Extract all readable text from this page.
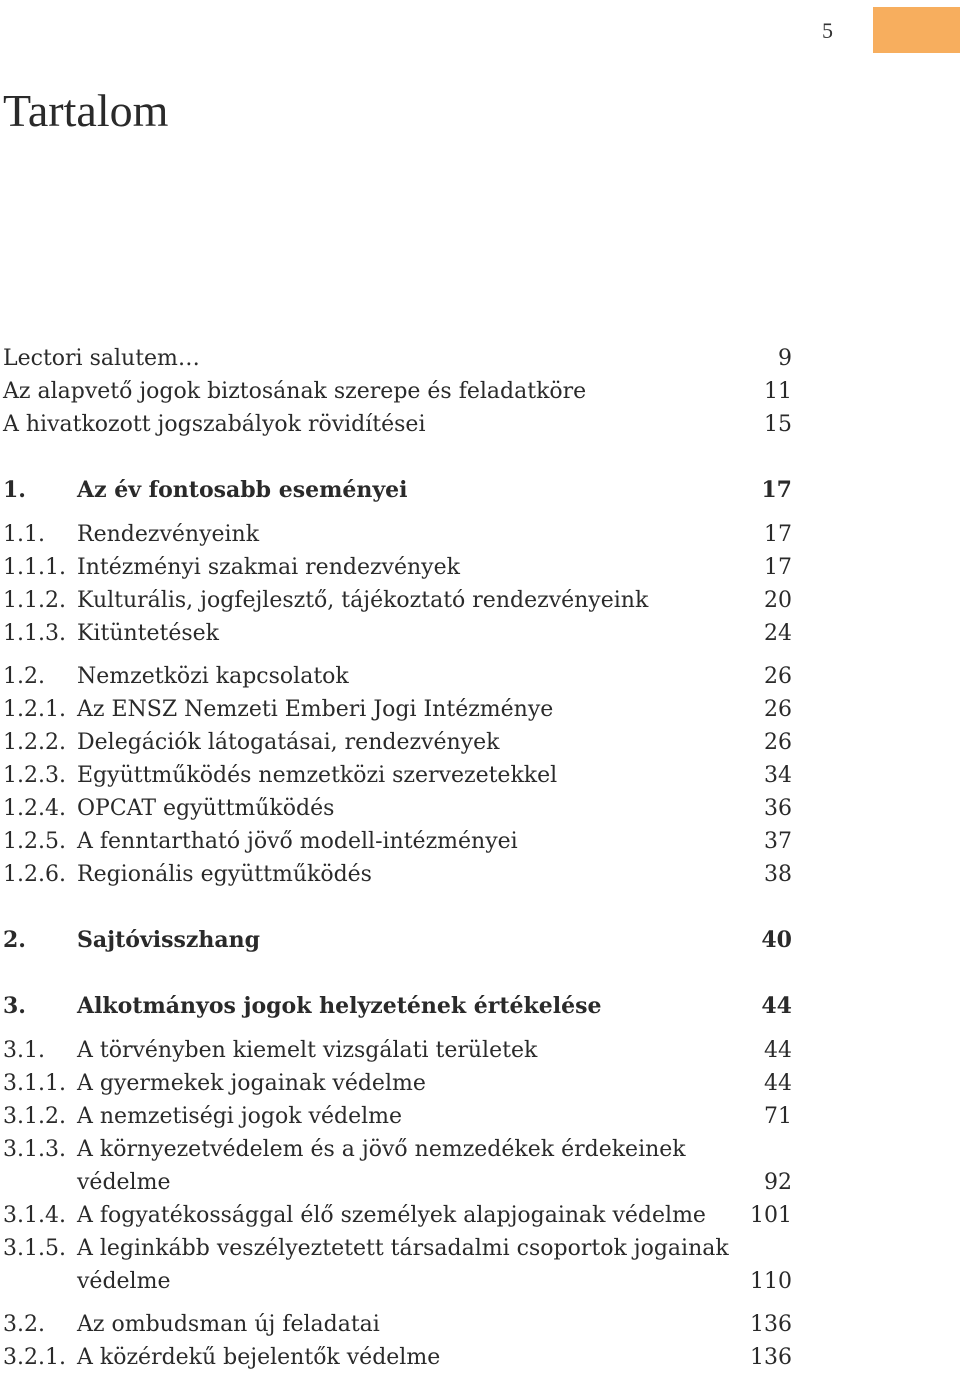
5
Tartalom
Lectori salutem…	9
Az alapvető jogok biztosának szerepe és feladatköre	11
A hivatkozott jogszabályok rövidítései	15
1. Az év fontosabb eseményei	17
1.1. Rendezvényeink	17
1.1.1. Intézményi szakmai rendezvények	17
1.1.2. Kulturális, jogfejlesztő, tájékoztató rendezvényeink	20
1.1.3. Kitüntetések	24
1.2. Nemzetközi kapcsolatok	26
1.2.1. Az ENSZ Nemzeti Emberi Jogi Intézménye	26
1.2.2. Delegációk látogatásai, rendezvények	26
1.2.3. Együttműködés nemzetközi szervezetekkel	34
1.2.4. OPCAT együttműködés	36
1.2.5. A fenntartható jövő modell-intézményei	37
1.2.6. Regionális együttműködés	38
2. Sajtóvisszhang	40
3. Alkotmányos jogok helyzetének értékelése	44
3.1. A törvényben kiemelt vizsgálati területek	44
3.1.1. A gyermekek jogainak védelme	44
3.1.2. A nemzetiségi jogok védelme	71
3.1.3. A környezetvédelem és a jövő nemzedékek érdekeinek
védelme	92
3.1.4. A fogyatékossággal élő személyek alapjogainak védelme 101
3.1.5. A leginkább veszélyeztetett társadalmi csoportok jogainak
védelme	110
3.2. Az ombudsman új feladatai	136
3.2.1. A közérdekű bejelentők védelme	136
